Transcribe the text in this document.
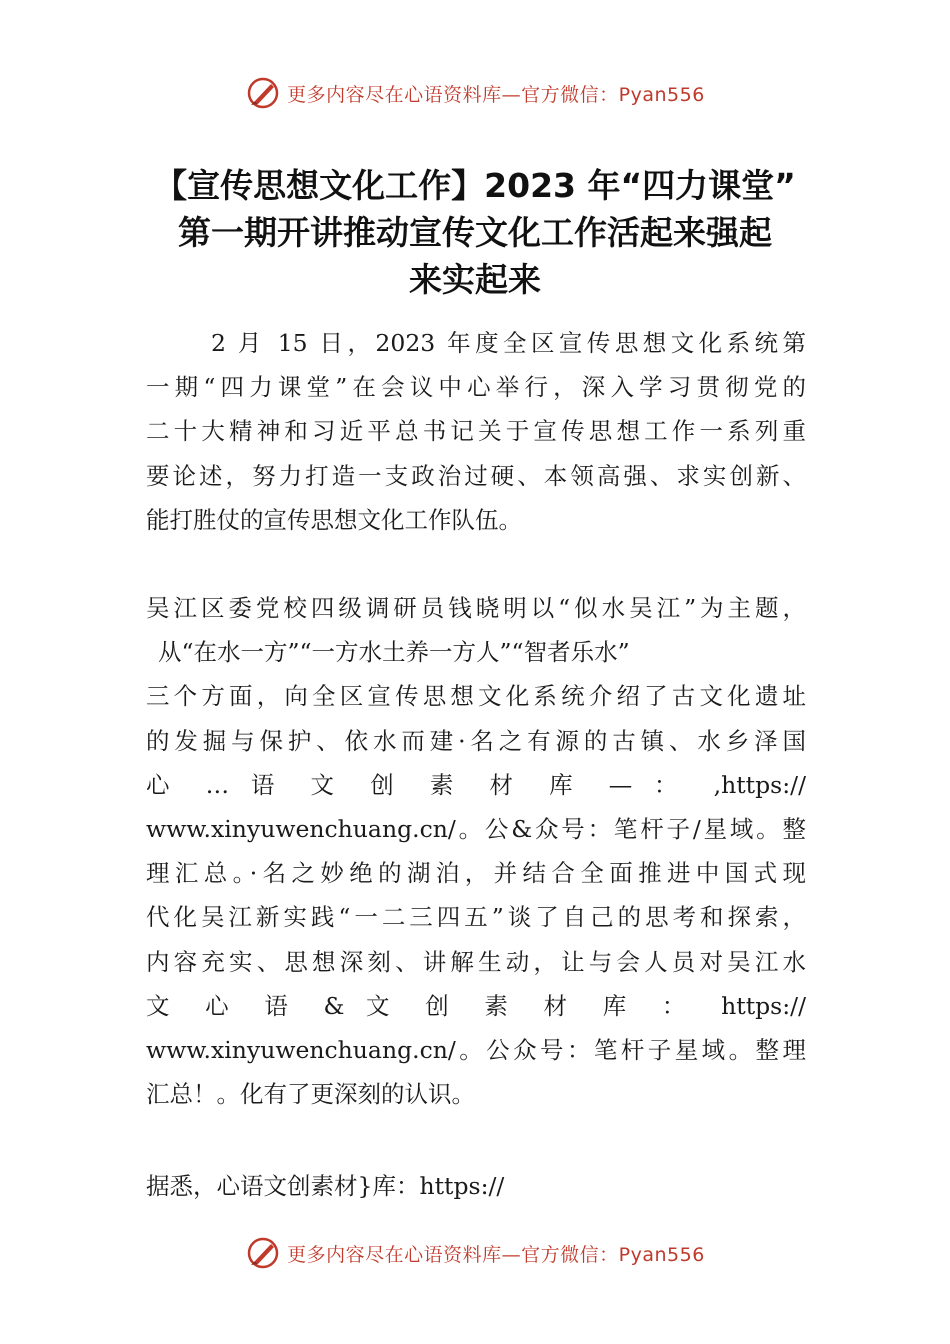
更多内容尽在心语资料库—官方微信：Pyan556
【宣传思想文化工作】2023 年“四力课堂”
第一期开讲推动宣传文化工作活起来强起
来实起来
2 月 15 日，2023 年度全区宣传思想文化系统第
一期“四力课堂”在会议中心举行，深入学习贯彻党的
二十大精神和习近平总书记关于宣传思想工作一系列重
要论述，努力打造一支政治过硬、本领高强、求实创新、
能打胜仗的宣传思想文化工作队伍。
吴江区委党校四级调研员钱晓明以“似水吴江”为主题，
从“在水一方”“一方水土养一方人”“智者乐水”
三个方面，向全区宣传思想文化系统介绍了古文化遗址
的发掘与保护、依水而建·名之有源的古镇、水乡泽国
心 … 语 文 创 素 材 库 — ： ,https://
www.xinyuwenchuang.cn/。公&众号：笔杆子/星域。整
理汇总。·名之妙绝的湖泊，并结合全面推进中国式现
代化吴江新实践“一二三四五”谈了自己的思考和探索，
内容充实、思想深刻、讲解生动，让与会人员对吴江水
文 心 语 & 文 创 素 材 库 ： https://
www.xinyuwenchuang.cn/。公众号：笔杆子星域。整理
汇总！。化有了更深刻的认识。
据悉，心语文创素材}库：https://
更多内容尽在心语资料库—官方微信：Pyan556
